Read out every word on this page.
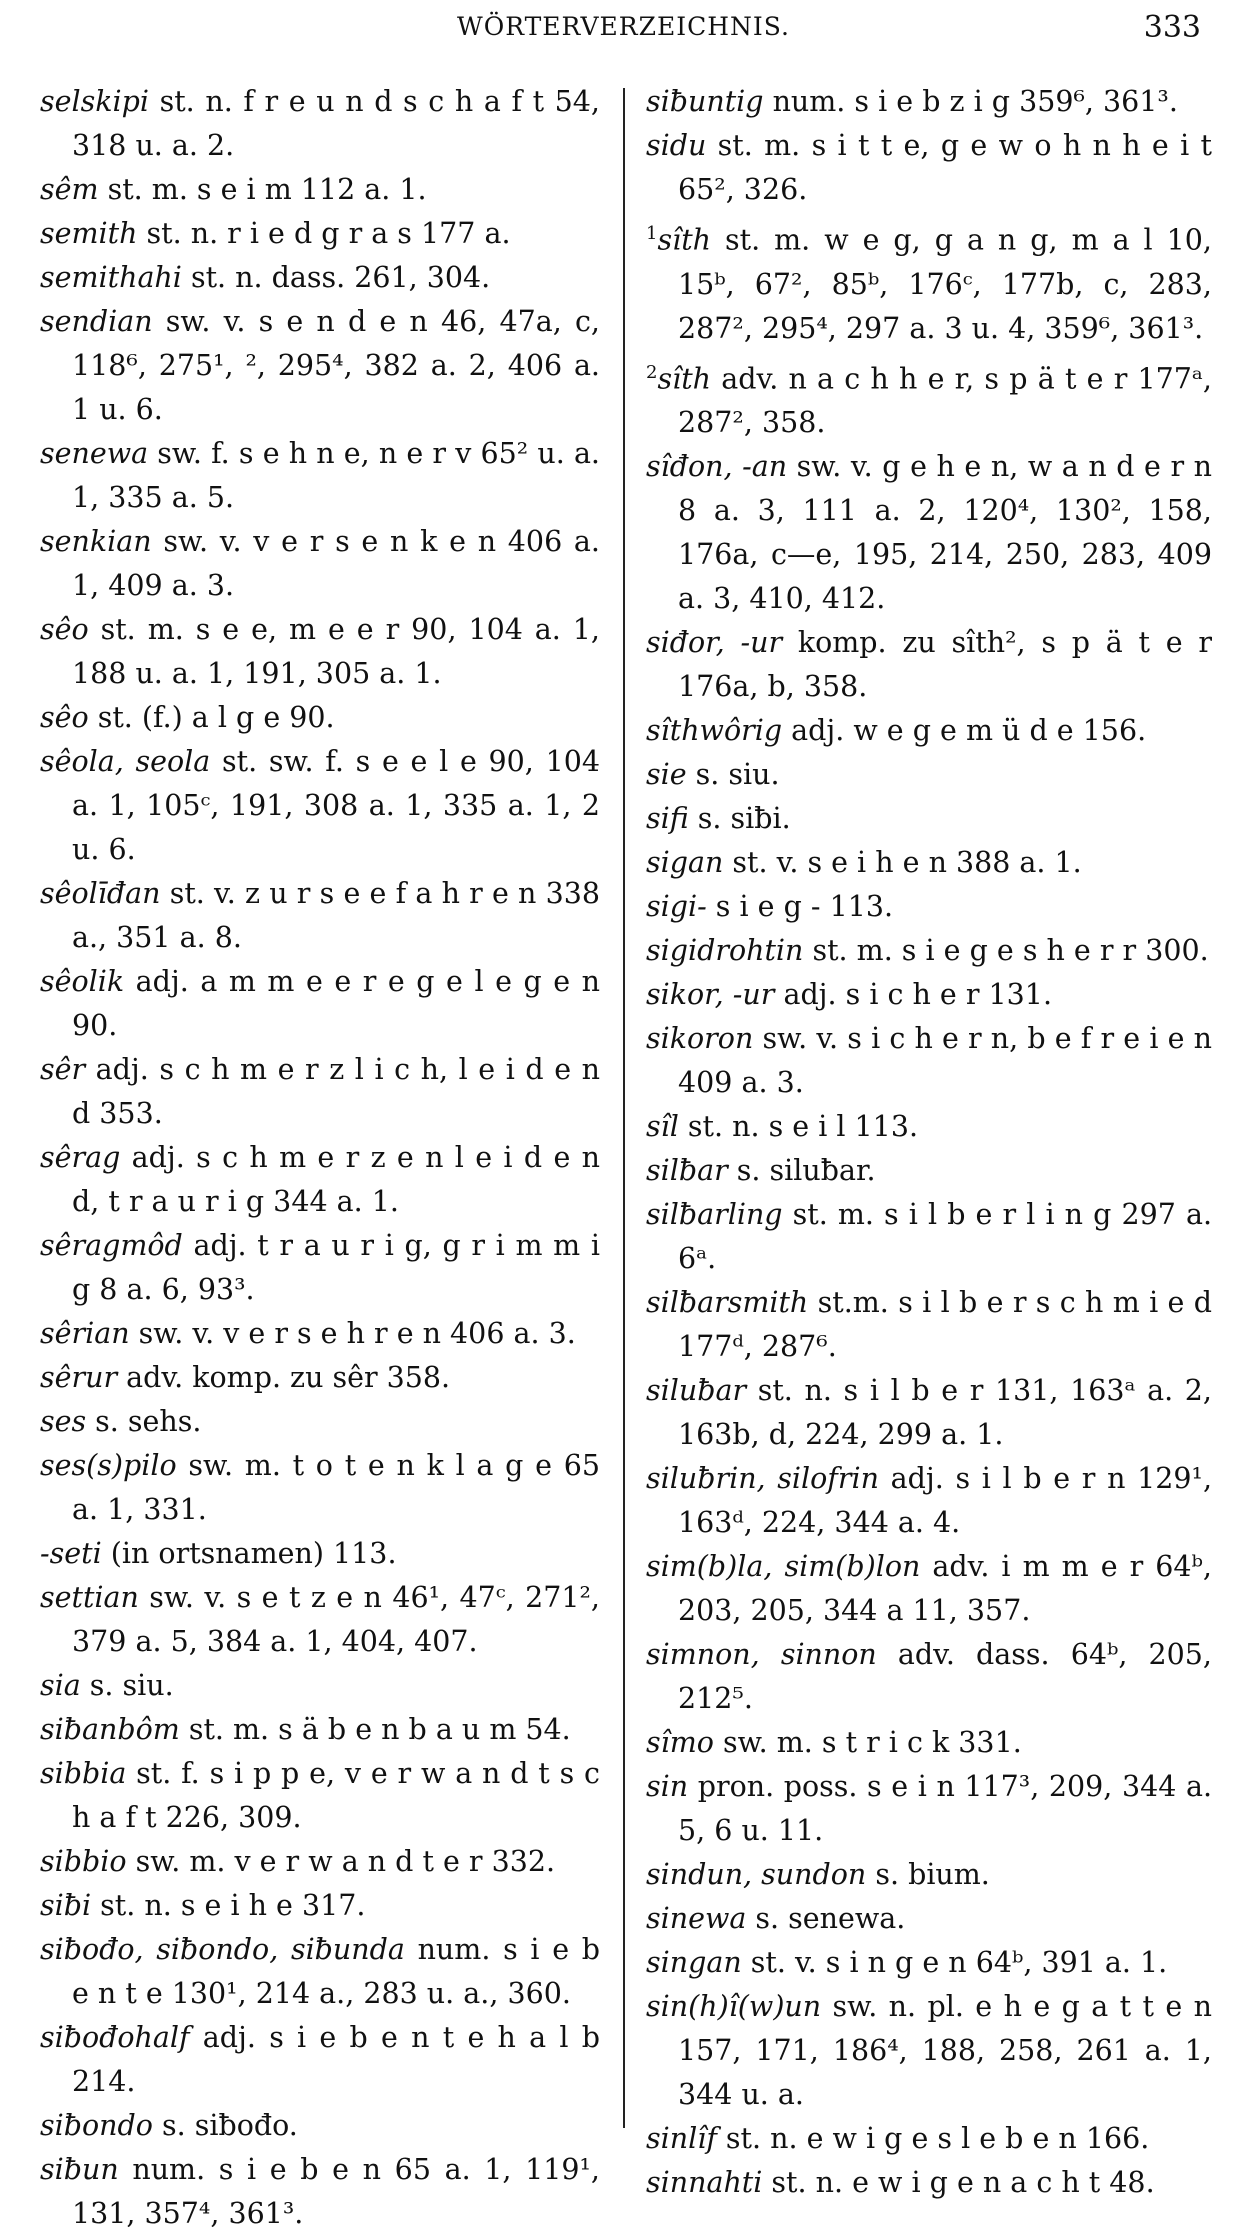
WÖRTERVERZEICHNIS.	333

selskipi st. n. f r e u n d s c h a f t 54, 318 u. a. 2.

sêm st. m. s e i m 112 a. 1.

semith st. n. r i e d g r a s 177 a.

semithahi st. n. dass. 261, 304.

sendian sw. v. s e n d e n 46, 47a, c, 118⁶, 275¹, ², 295⁴, 382 a. 2, 406 a. 1 u. 6.

senewa sw. f. s e h n e, n e r v 65² u. a. 1, 335 a. 5.

senkian sw. v. v e r s e n k e n 406 a. 1, 409 a. 3.

sêo st. m. s e e, m e e r 90, 104 a. 1, 188 u. a. 1, 191, 305 a. 1.

sêo st. (f.) a l g e 90.

sêola, seola st. sw. f. s e e l e 90, 104 a. 1, 105ᶜ, 191, 308 a. 1, 335 a. 1, 2 u. 6.

sêolīđan st. v. z u r s e e f a h r e n 338 a., 351 a. 8.

sêolik adj. a m m e e r e g e l e g e n 90.

sêr adj. s c h m e r z l i c h, l e i d e n d 353.

sêrag adj. s c h m e r z e n l e i d e n d, t r a u r i g 344 a. 1.

sêragmôd adj. t r a u r i g, g r i m m i g 8 a. 6, 93³.

sêrian sw. v. v e r s e h r e n 406 a. 3.

sêrur adv. komp. zu sêr 358.

ses s. sehs.

ses(s)pilo sw. m. t o t e n k l a g e 65 a. 1, 331.

-seti (in ortsnamen) 113.

settian sw. v. s e t z e n 46¹, 47ᶜ, 271², 379 a. 5, 384 a. 1, 404, 407.

sia s. siu.

siƀanbôm st. m. s ä b e n b a u m 54.

sibbia st. f. s i p p e, v e r w a n d t s c h a f t 226, 309.

sibbio sw. m. v e r w a n d t e r 332.

siƀi st. n. s e i h e 317.

siƀođo, siƀondo, siƀunda num. s i e b e n t e 130¹, 214 a., 283 u. a., 360.

siƀođohalf adj. s i e b e n t e h a l b 214.

siƀondo s. siƀođo.

siƀun num. s i e b e n 65 a. 1, 119¹, 131, 357⁴, 361³.

siƀuntig num. s i e b z i g 359⁶, 361³.

sidu st. m. s i t t e, g e w o h n h e i t 65², 326.

$^1$sîth st. m. w e g, g a n g, m a l 10, 15ᵇ, 67², 85ᵇ, 176ᶜ, 177b, c, 283, 287², 295⁴, 297 a. 3 u. 4, 359⁶, 361³.

$^2$sîth adv. n a c h h e r, s p ä t e r 177ᵃ, 287², 358.

sîđon, -an sw. v. g e h e n, w a n d e r n 8 a. 3, 111 a. 2, 120⁴, 130², 158, 176a, c—e, 195, 214, 250, 283, 409 a. 3, 410, 412.

siđor, -ur komp. zu sîth², s p ä t e r 176a, b, 358.

sîthwôrig adj. w e g e m ü d e 156.

sie s. siu.

sifi s. siƀi.

sigan st. v. s e i h e n 388 a. 1.

sigi- s i e g - 113.

sigidrohtin st. m. s i e g e s h e r r 300.

sikor, -ur adj. s i c h e r 131.

sikoron sw. v. s i c h e r n, b e f r e i e n 409 a. 3.

sîl st. n. s e i l 113.

silƀar s. siluƀar.

silƀarling st. m. s i l b e r l i n g 297 a. 6ᵃ.

silƀarsmith st.m. s i l b e r s c h m i e d 177ᵈ, 287⁶.

siluƀar st. n. s i l b e r 131, 163ᵃ a. 2, 163b, d, 224, 299 a. 1.

siluƀrin, silofrin adj. s i l b e r n 129¹, 163ᵈ, 224, 344 a. 4.

sim(b)la, sim(b)lon adv. i m m e r 64ᵇ, 203, 205, 344 a 11, 357.

simnon, sinnon adv. dass. 64ᵇ, 205, 212⁵.

sîmo sw. m. s t r i c k 331.

sin pron. poss. s e i n 117³, 209, 344 a. 5, 6 u. 11.

sindun, sundon s. bium.

sinewa s. senewa.

singan st. v. s i n g e n 64ᵇ, 391 a. 1.

sin(h)î(w)un sw. n. pl. e h e g a t t e n 157, 171, 186⁴, 188, 258, 261 a. 1, 344 u. a.

sinlîf st. n. e w i g e s l e b e n 166.

sinnahti st. n. e w i g e n a c h t 48.
